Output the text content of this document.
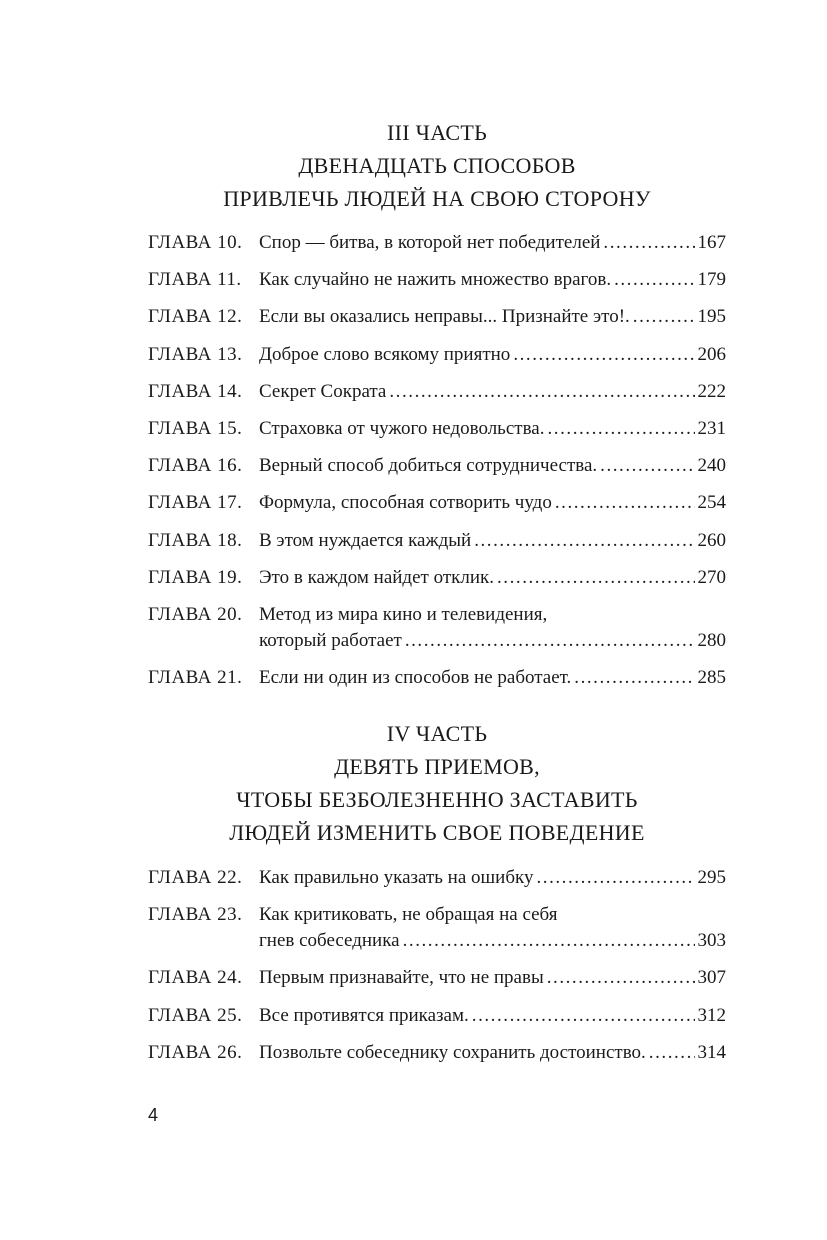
III ЧАСТЬ
ДВЕНАДЦАТЬ СПОСОБОВ
ПРИВЛЕЧЬ ЛЮДЕЙ НА СВОЮ СТОРОНУ
ГЛАВА 10. Спор — битва, в которой нет победителей . . .	167
ГЛАВА 11. Как случайно не нажить множество врагов. . . .	179
ГЛАВА 12. Если вы оказались неправы... Признайте это!. . . .	195
ГЛАВА 13. Доброе слово всякому приятно . . .	206
ГЛАВА 14. Секрет Сократа . . .	222
ГЛАВА 15. Страховка от чужого недовольства. . . .	231
ГЛАВА 16. Верный способ добиться сотрудничества. . . .	240
ГЛАВА 17. Формула, способная сотворить чудо . . .	254
ГЛАВА 18. В этом нуждается каждый . . .	260
ГЛАВА 19. Это в каждом найдет отклик. . . .	270
ГЛАВА 20. Метод из мира кино и телевидения,
который работает . . .	280
ГЛАВА 21. Если ни один из способов не работает. . . .	285
IV ЧАСТЬ
ДЕВЯТЬ ПРИЕМОВ,
ЧТОБЫ БЕЗБОЛЕЗНЕННО ЗАСТАВИТЬ
ЛЮДЕЙ ИЗМЕНИТЬ СВОЕ ПОВЕДЕНИЕ
ГЛАВА 22. Как правильно указать на ошибку . . .	295
ГЛАВА 23. Как критиковать, не обращая на себя
гнев собеседника . . .	303
ГЛАВА 24. Первым признавайте, что не правы . . .	307
ГЛАВА 25. Все противятся приказам. . . .	312
ГЛАВА 26. Позвольте собеседнику сохранить достоинство. . . .	314
4
